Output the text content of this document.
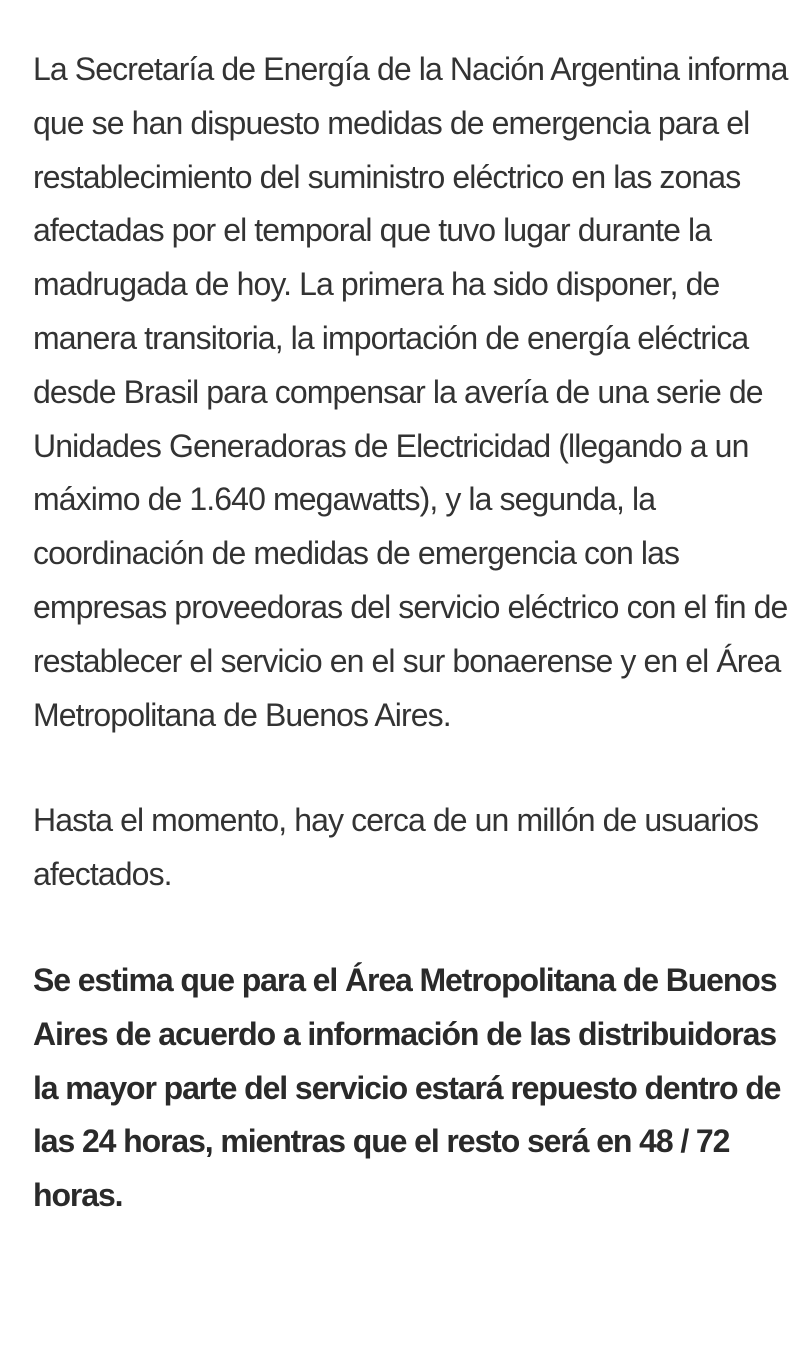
La Secretaría de Energía de la Nación Argentina informa que se han dispuesto medidas de emergencia para el restablecimiento del suministro eléctrico en las zonas afectadas por el temporal que tuvo lugar durante la madrugada de hoy. La primera ha sido disponer, de manera transitoria, la importación de energía eléctrica desde Brasil para compensar la avería de una serie de Unidades Generadoras de Electricidad (llegando a un máximo de 1.640 megawatts), y la segunda, la coordinación de medidas de emergencia con las empresas proveedoras del servicio eléctrico con el fin de restablecer el servicio en el sur bonaerense y en el Área Metropolitana de Buenos Aires.

Hasta el momento, hay cerca de un millón de usuarios afectados.

Se estima que para el Área Metropolitana de Buenos Aires de acuerdo a información de las distribuidoras la mayor parte del servicio estará repuesto dentro de las 24 horas, mientras que el resto será en 48 / 72 horas.
